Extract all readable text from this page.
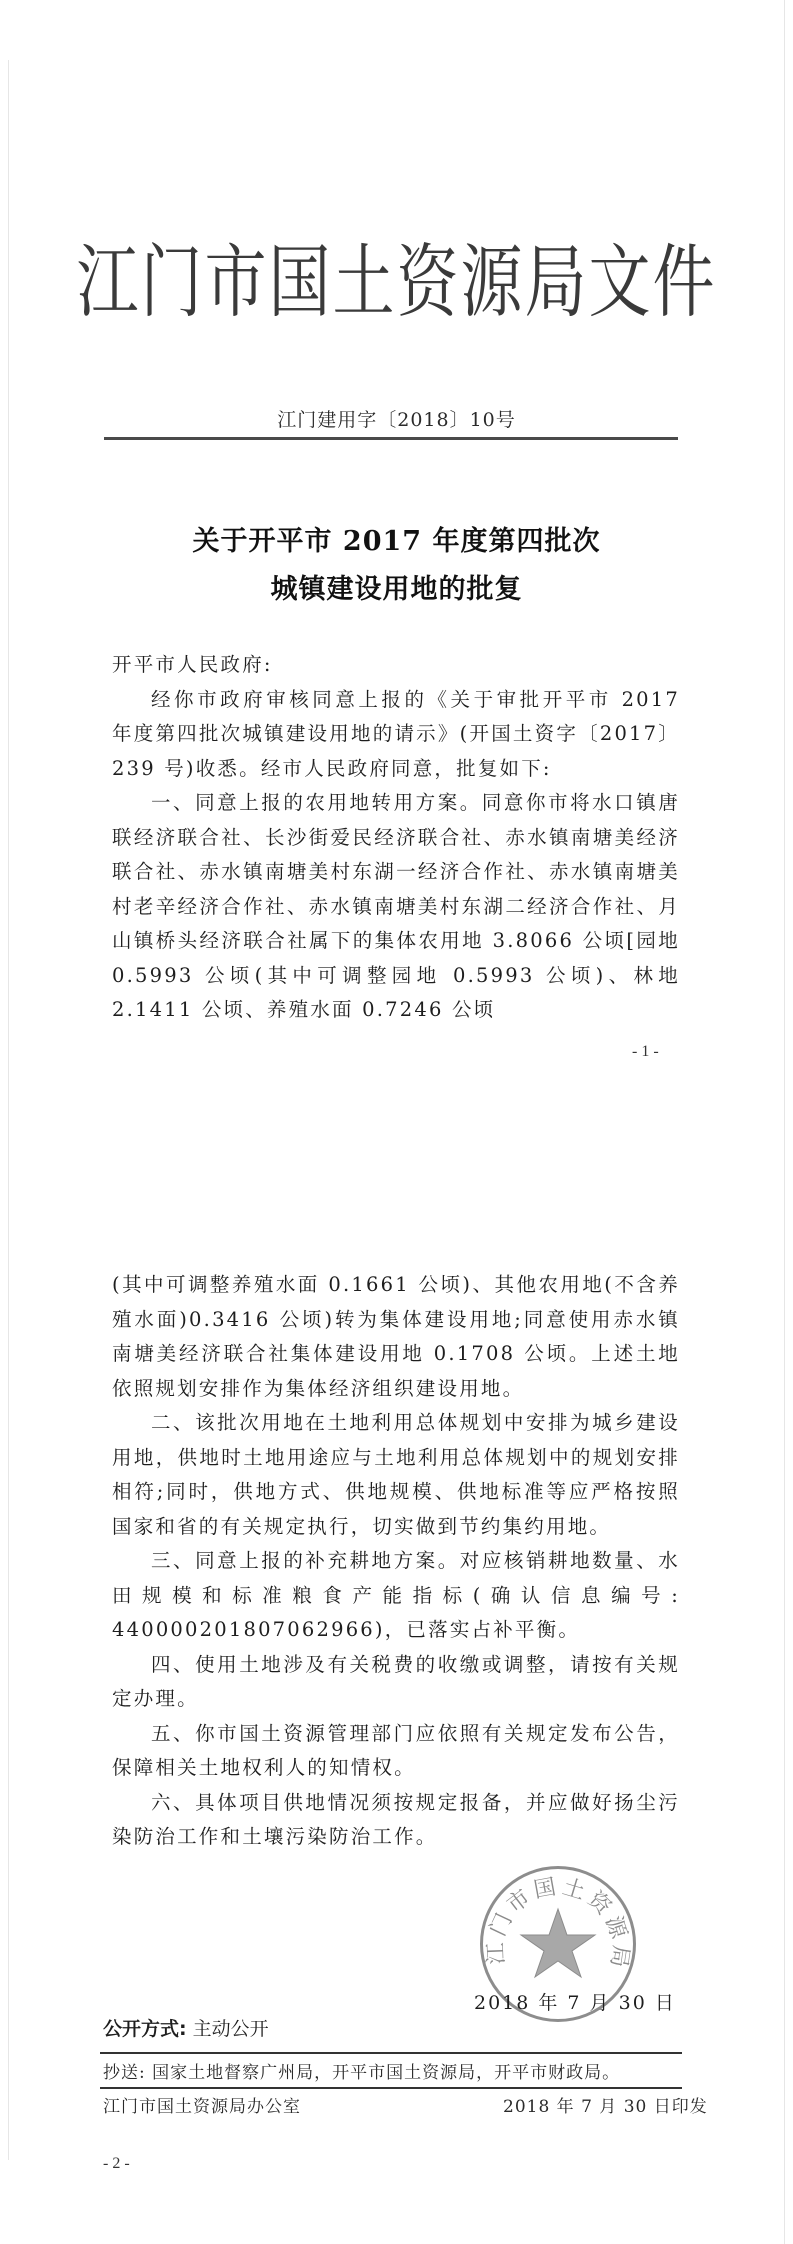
江门市国土资源局文件
江门建用字〔2018〕10号
关于开平市 2017 年度第四批次
城镇建设用地的批复

开平市人民政府:

经你市政府审核同意上报的《关于审批开平市 2017 年度第四批次城镇建设用地的请示》(开国土资字〔2017〕239 号)收悉。经市人民政府同意，批复如下:

一、同意上报的农用地转用方案。同意你市将水口镇唐联经济联合社、长沙街爱民经济联合社、赤水镇南塘美经济联合社、赤水镇南塘美村东湖一经济合作社、赤水镇南塘美村老辛经济合作社、赤水镇南塘美村东湖二经济合作社、月山镇桥头经济联合社属下的集体农用地 3.8066 公顷[园地 0.5993 公顷(其中可调整园地 0.5993 公顷)、林地 2.1411 公顷、养殖水面 0.7246 公顷

- 1 -

(其中可调整养殖水面 0.1661 公顷)、其他农用地(不含养殖水面)0.3416 公顷)转为集体建设用地;同意使用赤水镇南塘美经济联合社集体建设用地 0.1708 公顷。上述土地依照规划安排作为集体经济组织建设用地。

二、该批次用地在土地利用总体规划中安排为城乡建设用地，供地时土地用途应与土地利用总体规划中的规划安排相符;同时，供地方式、供地规模、供地标准等应严格按照国家和省的有关规定执行，切实做到节约集约用地。

三、同意上报的补充耕地方案。对应核销耕地数量、水田规模和标准粮食产能指标(确认信息编号: 440000201807062966)，已落实占补平衡。

四、使用土地涉及有关税费的收缴或调整，请按有关规定办理。

五、你市国土资源管理部门应依照有关规定发布公告，保障相关土地权利人的知情权。

六、具体项目供地情况须按规定报备，并应做好扬尘污染防治工作和土壤污染防治工作。

江门市国土资源局
2018 年 7 月 30 日
公开方式: 主动公开
抄送: 国家土地督察广州局，开平市国土资源局，开平市财政局。
江门市国土资源局办公室	2018 年 7 月 30 日印发
- 2 -
